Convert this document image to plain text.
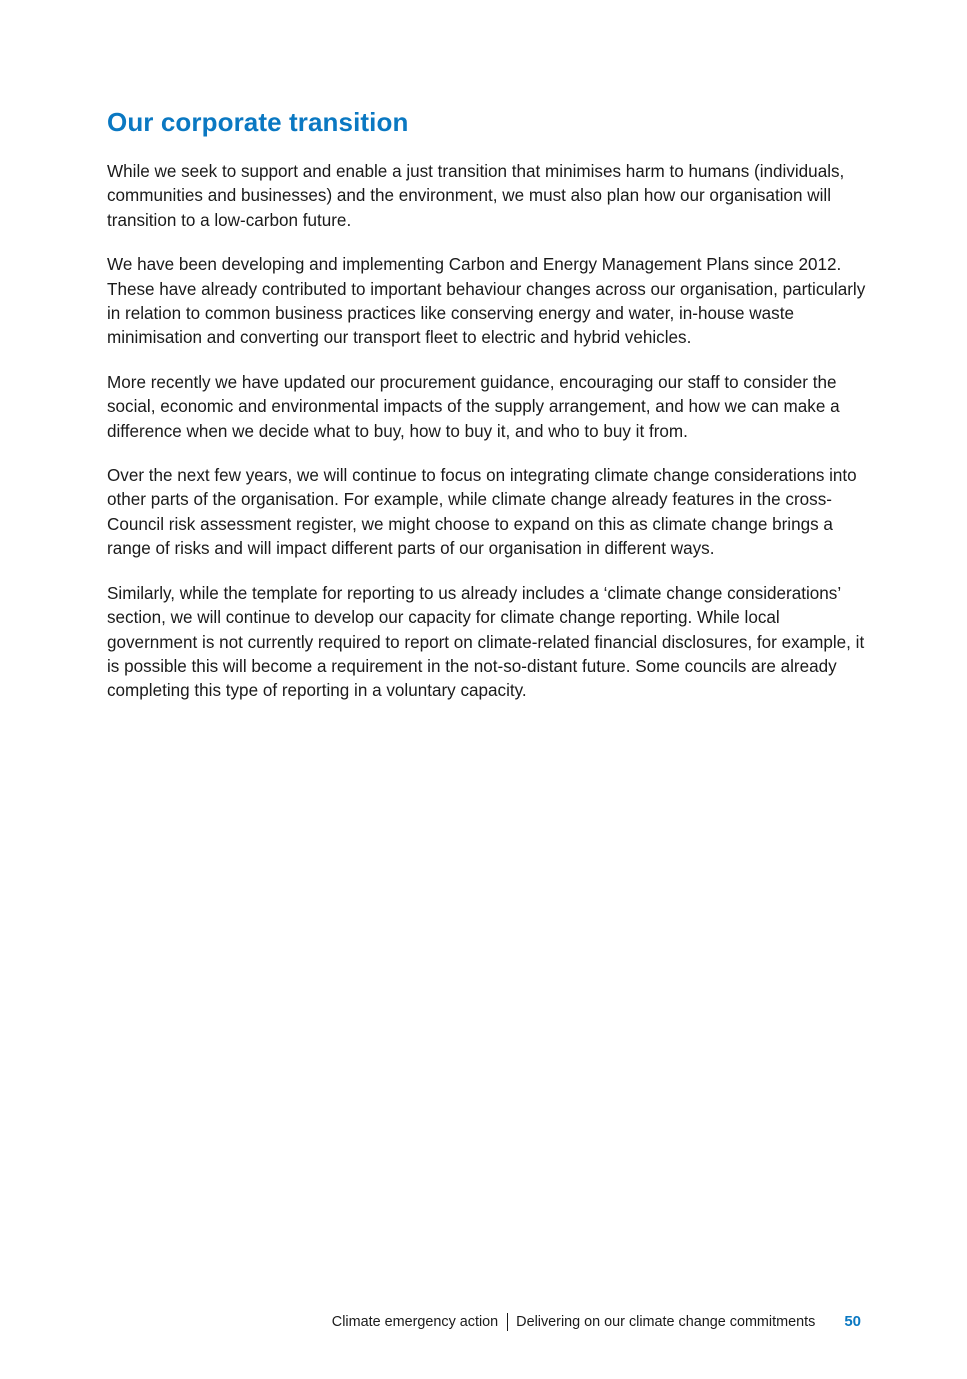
Our corporate transition

While we seek to support and enable a just transition that minimises harm to humans (individuals, communities and businesses) and the environment, we must also plan how our organisation will transition to a low-carbon future.

We have been developing and implementing Carbon and Energy Management Plans since 2012. These have already contributed to important behaviour changes across our organisation, particularly in relation to common business practices like conserving energy and water, in-house waste minimisation and converting our transport fleet to electric and hybrid vehicles.

More recently we have updated our procurement guidance, encouraging our staff to consider the social, economic and environmental impacts of the supply arrangement, and how we can make a difference when we decide what to buy, how to buy it, and who to buy it from.

Over the next few years, we will continue to focus on integrating climate change considerations into other parts of the organisation. For example, while climate change already features in the cross-Council risk assessment register, we might choose to expand on this as climate change brings a range of risks and will impact different parts of our organisation in different ways.

Similarly, while the template for reporting to us already includes a ‘climate change considerations’ section, we will continue to develop our capacity for climate change reporting. While local government is not currently required to report on climate-related financial disclosures, for example, it is possible this will become a requirement in the not-so-distant future. Some councils are already completing this type of reporting in a voluntary capacity.

Climate emergency action Delivering on our climate change commitments 50
